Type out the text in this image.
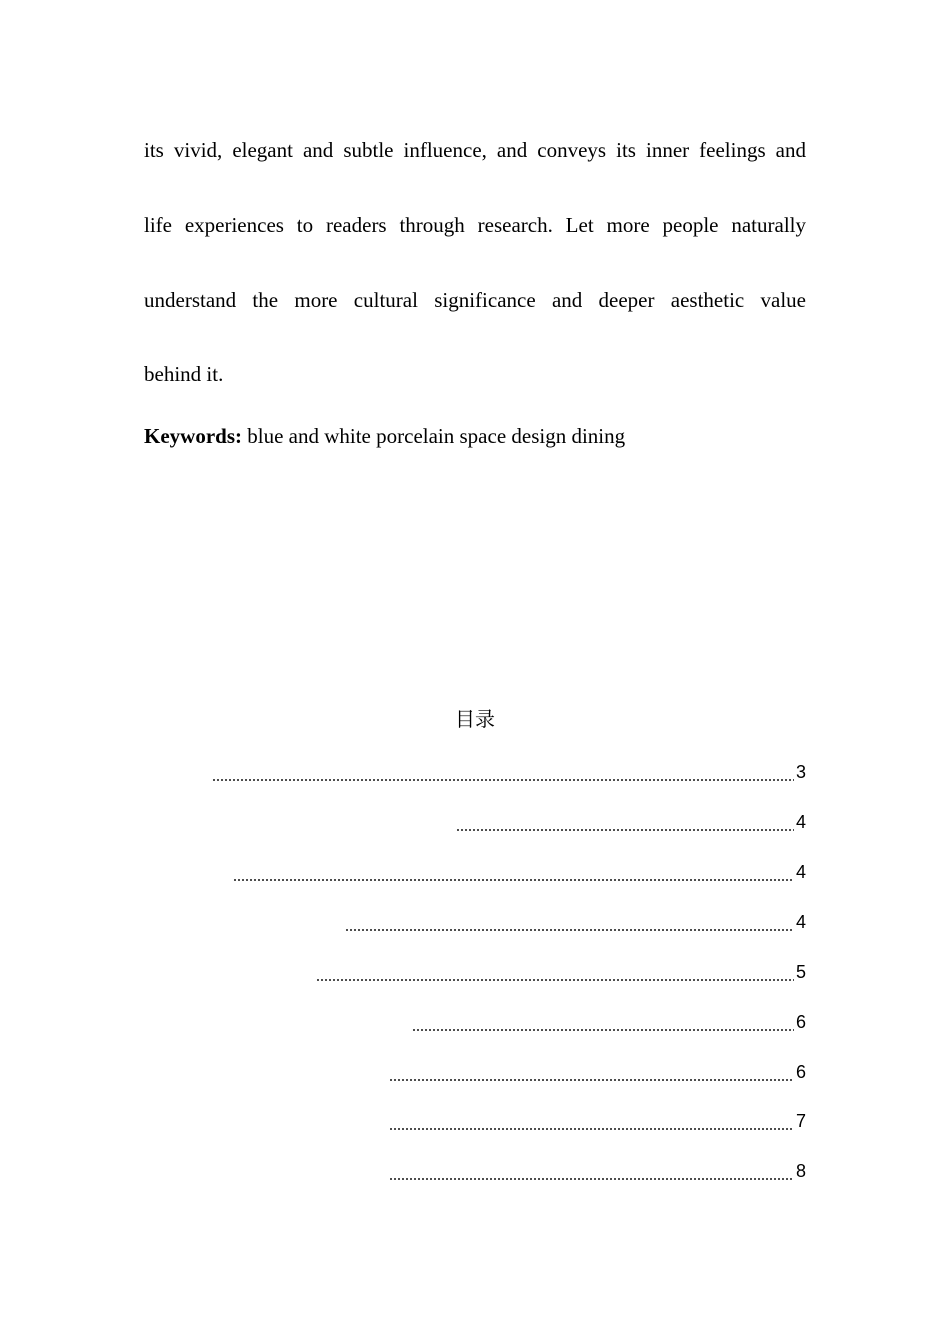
its vivid, elegant and subtle influence, and conveys its inner feelings and
life experiences to readers through research. Let more people naturally
understand the more cultural significance and deeper aesthetic value
behind it.
Keywords: blue and white porcelain space design dining
目录
3
4
4
4
5
6
6
7
8
